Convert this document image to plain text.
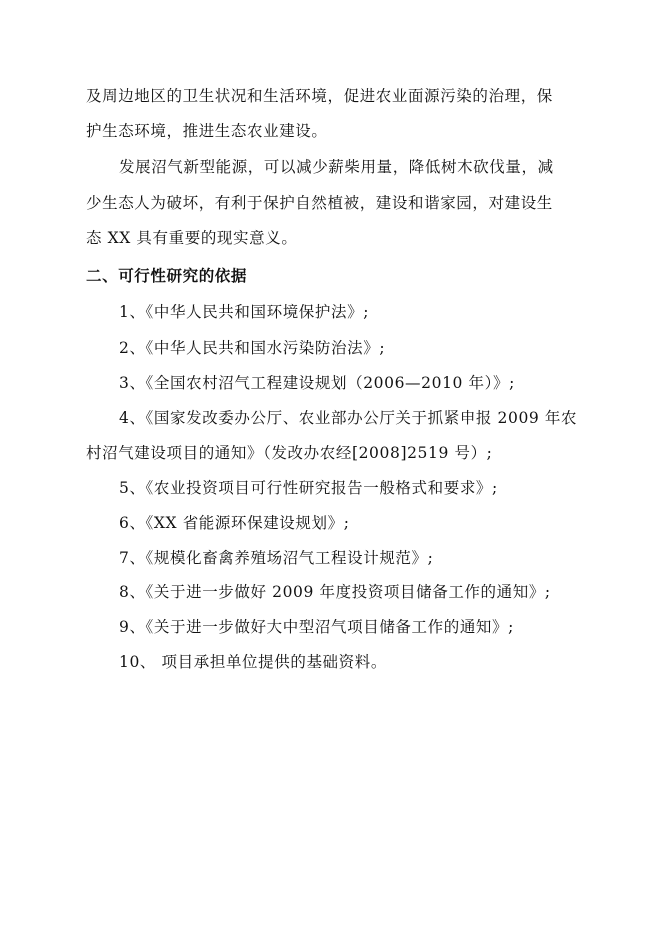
及周边地区的卫生状况和生活环境，促进农业面源污染的治理，保
护生态环境，推进生态农业建设。
发展沼气新型能源，可以减少薪柴用量，降低树木砍伐量，减
少生态人为破坏，有利于保护自然植被，建设和谐家园，对建设生
态 XX 具有重要的现实意义。
二、可行性研究的依据
1、《中华人民共和国环境保护法》;
2、《中华人民共和国水污染防治法》;
3、《全国农村沼气工程建设规划（2006—2010 年）》;
4、《国家发改委办公厅、农业部办公厅关于抓紧申报 2009 年农
村沼气建设项目的通知》（发改办农经[2008]2519 号）;
5、《农业投资项目可行性研究报告一般格式和要求》;
6、《XX 省能源环保建设规划》;
7、《规模化畜禽养殖场沼气工程设计规范》;
8、《关于进一步做好 2009 年度投资项目储备工作的通知》;
9、《关于进一步做好大中型沼气项目储备工作的通知》;
10、 项目承担单位提供的基础资料。
